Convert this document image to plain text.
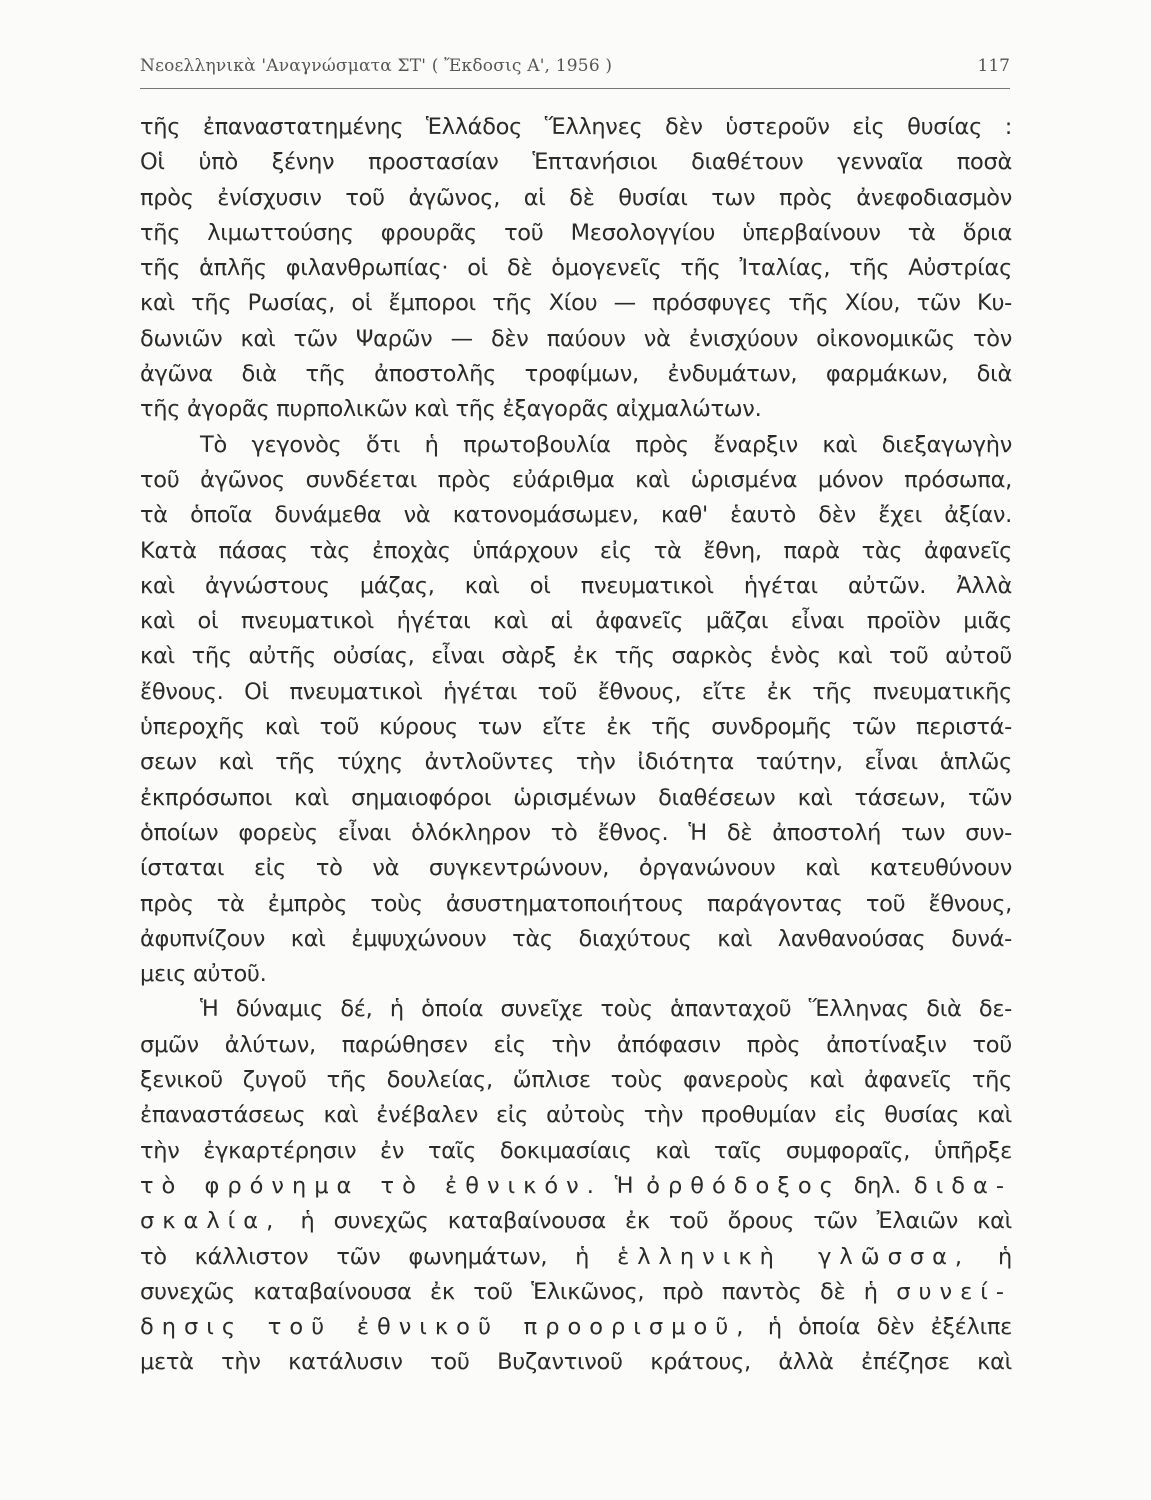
Νεοελληνικὰ 'Αναγνώσματα ΣΤ' ( Ἔκδοσις Α', 1956 )	117
τῆς ἐπαναστατημένης Ἑλλάδος Ἕλληνες δὲν ὑστεροῦν εἰς θυσίας :
Οἱ ὑπὸ ξένην προστασίαν Ἑπτανήσιοι διαθέτουν γενναῖα ποσὰ
πρὸς ἐνίσχυσιν τοῦ ἀγῶνος, αἱ δὲ θυσίαι των πρὸς ἀνεφοδιασμὸν
τῆς λιμωττούσης φρουρᾶς τοῦ Μεσολογγίου ὑπερβαίνουν τὰ ὅρια
τῆς ἁπλῆς φιλανθρωπίας· οἱ δὲ ὁμογενεῖς τῆς Ἰταλίας, τῆς Αὐστρίας
καὶ τῆς Ρωσίας, οἱ ἔμποροι τῆς Χίου — πρόσφυγες τῆς Χίου, τῶν Κυ-
δωνιῶν καὶ τῶν Ψαρῶν — δὲν παύουν νὰ ἐνισχύουν οἰκονομικῶς τὸν
ἀγῶνα διὰ τῆς ἀποστολῆς τροφίμων, ἐνδυμάτων, φαρμάκων, διὰ
τῆς ἀγορᾶς πυρπολικῶν καὶ τῆς ἐξαγορᾶς αἰχμαλώτων.
Τὸ γεγονὸς ὅτι ἡ πρωτοβουλία πρὸς ἔναρξιν καὶ διεξαγωγὴν
τοῦ ἀγῶνος συνδέεται πρὸς εὐάριθμα καὶ ὡρισμένα μόνον πρόσωπα,
τὰ ὁποῖα δυνάμεθα νὰ κατονομάσωμεν, καθ' ἑαυτὸ δὲν ἔχει ἀξίαν.
Κατὰ πάσας τὰς ἐποχὰς ὑπάρχουν εἰς τὰ ἔθνη, παρὰ τὰς ἀφανεῖς
καὶ ἀγνώστους μάζας, καὶ οἱ πνευματικοὶ ἡγέται αὐτῶν. Ἀλλὰ
καὶ οἱ πνευματικοὶ ἡγέται καὶ αἱ ἀφανεῖς μᾶζαι εἶναι προϊὸν μιᾶς
καὶ τῆς αὐτῆς οὐσίας, εἶναι σὰρξ ἐκ τῆς σαρκὸς ἑνὸς καὶ τοῦ αὐτοῦ
ἔθνους. Οἱ πνευματικοὶ ἡγέται τοῦ ἔθνους, εἴτε ἐκ τῆς πνευματικῆς
ὑπεροχῆς καὶ τοῦ κύρους των εἴτε ἐκ τῆς συνδρομῆς τῶν περιστά-
σεων καὶ τῆς τύχης ἀντλοῦντες τὴν ἰδιότητα ταύτην, εἶναι ἁπλῶς
ἐκπρόσωποι καὶ σημαιοφόροι ὡρισμένων διαθέσεων καὶ τάσεων, τῶν
ὁποίων φορεὺς εἶναι ὁλόκληρον τὸ ἔθνος. Ἡ δὲ ἀποστολή των συν-
ίσταται εἰς τὸ νὰ συγκεντρώνουν, ὀργανώνουν καὶ κατευθύνουν
πρὸς τὰ ἐμπρὸς τοὺς ἀσυστηματοποιήτους παράγοντας τοῦ ἔθνους,
ἀφυπνίζουν καὶ ἐμψυχώνουν τὰς διαχύτους καὶ λανθανούσας δυνά-
μεις αὐτοῦ.
Ἡ δύναμις δέ, ἡ ὁποία συνεῖχε τοὺς ἁπανταχοῦ Ἕλληνας διὰ δε-
σμῶν ἀλύτων, παρώθησεν εἰς τὴν ἀπόφασιν πρὸς ἀποτίναξιν τοῦ
ξενικοῦ ζυγοῦ τῆς δουλείας, ὥπλισε τοὺς φανεροὺς καὶ ἀφανεῖς τῆς
ἐπαναστάσεως καὶ ἐνέβαλεν εἰς αὐτοὺς τὴν προθυμίαν εἰς θυσίας καὶ
τὴν ἐγκαρτέρησιν ἐν ταῖς δοκιμασίαις καὶ ταῖς συμφοραῖς, ὑπῆρξε
τὸ φρόνημα τὸ ἐθνικόν. Ἡ ὀρθόδοξος δηλ. διδα-
σκαλία, ἡ συνεχῶς καταβαίνουσα ἐκ τοῦ ὄρους τῶν Ἐλαιῶν καὶ
τὸ κάλλιστον τῶν φωνημάτων, ἡ ἑλληνικὴ γλῶσσα, ἡ
συνεχῶς καταβαίνουσα ἐκ τοῦ Ἑλικῶνος, πρὸ παντὸς δὲ ἡ συνεί-
δησις τοῦ ἐθνικοῦ προορισμοῦ, ἡ ὁποία δὲν ἐξέλιπε
μετὰ τὴν κατάλυσιν τοῦ Βυζαντινοῦ κράτους, ἀλλὰ ἐπέζησε καὶ
